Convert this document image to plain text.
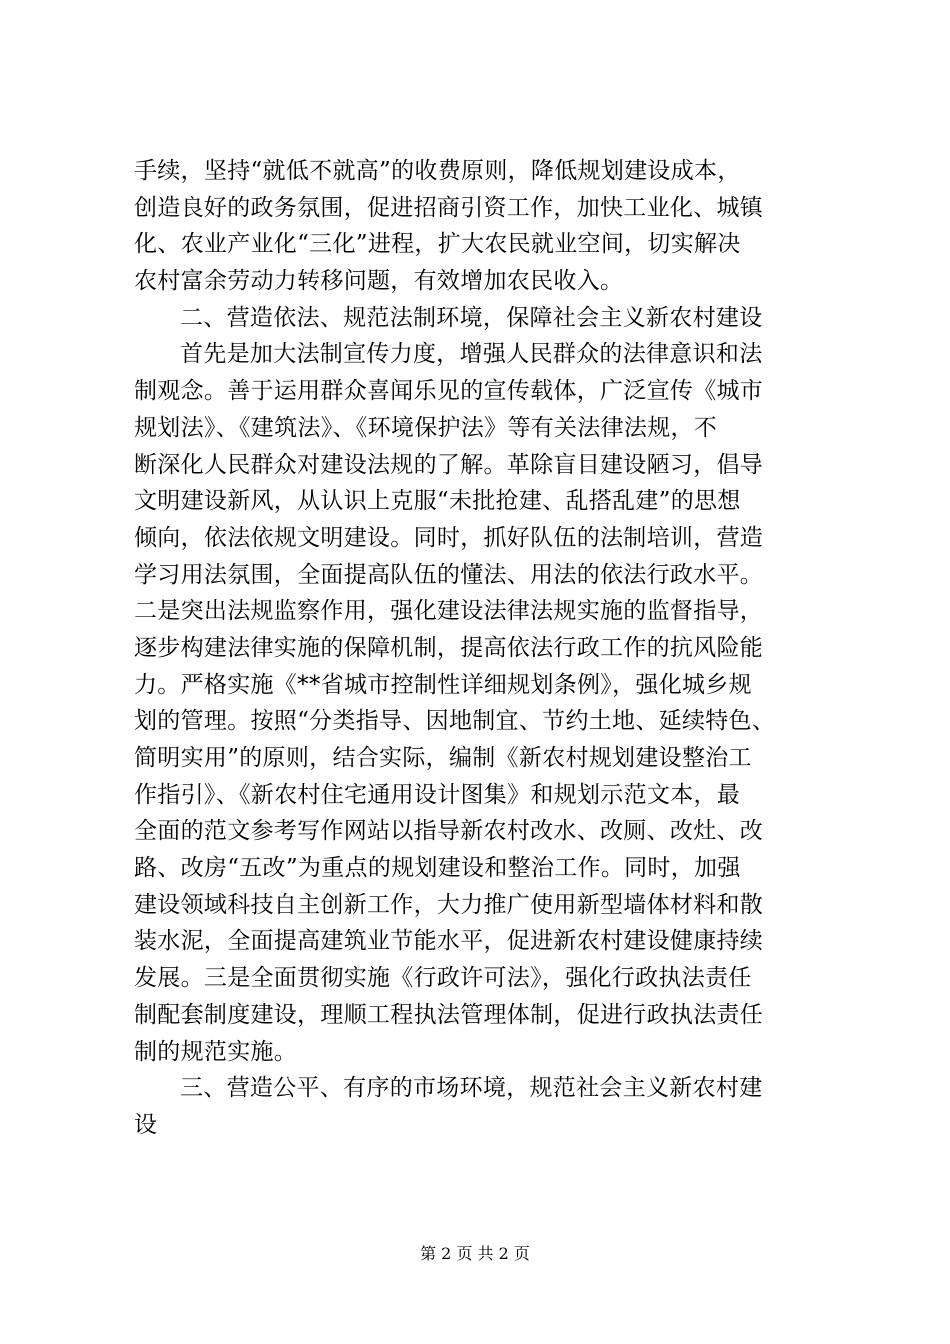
手续，坚持“就低不就高”的收费原则，降低规划建设成本，
创造良好的政务氛围，促进招商引资工作，加快工业化、城镇
化、农业产业化“三化”进程，扩大农民就业空间，切实解决
农村富余劳动力转移问题，有效增加农民收入。
二、营造依法、规范法制环境，保障社会主义新农村建设
首先是加大法制宣传力度，增强人民群众的法律意识和法
制观念。善于运用群众喜闻乐见的宣传载体，广泛宣传《城市
规划法》、《建筑法》、《环境保护法》等有关法律法规，不
断深化人民群众对建设法规的了解。革除盲目建设陋习，倡导
文明建设新风，从认识上克服“未批抢建、乱搭乱建”的思想
倾向，依法依规文明建设。同时，抓好队伍的法制培训，营造
学习用法氛围，全面提高队伍的懂法、用法的依法行政水平。
二是突出法规监察作用，强化建设法律法规实施的监督指导，
逐步构建法律实施的保障机制，提高依法行政工作的抗风险能
力。严格实施《**省城市控制性详细规划条例》，强化城乡规
划的管理。按照“分类指导、因地制宜、节约土地、延续特色、
简明实用”的原则，结合实际，编制《新农村规划建设整治工
作指引》、《新农村住宅通用设计图集》和规划示范文本，最
全面的范文参考写作网站以指导新农村改水、改厕、改灶、改
路、改房“五改”为重点的规划建设和整治工作。同时，加强
建设领域科技自主创新工作，大力推广使用新型墙体材料和散
装水泥，全面提高建筑业节能水平，促进新农村建设健康持续
发展。三是全面贯彻实施《行政许可法》，强化行政执法责任
制配套制度建设，理顺工程执法管理体制，促进行政执法责任
制的规范实施。
三、营造公平、有序的市场环境，规范社会主义新农村建
设
第 2 页 共 2 页
